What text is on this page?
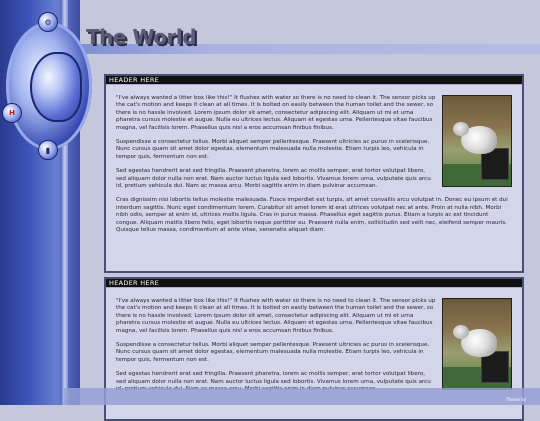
⚙
H
▮
The World
HEADER HERE

"I've always wanted a litter box like this!" It flushes with water so there is no need to clean it. The sensor picks up the cat's motion and keeps it clean at all times. It is bolted on easily between the human toilet and the sewer, so there is no hassle involved. Lorem ipsum dolor sit amet, consectetur adipiscing elit. Aliquam ut mi et urna pharetra cursus molestie et augue. Nulla eu ultrices lectus. Aliquam et egestas urna. Pellentesque vitae faucibus magna, vel facilisis lorem. Phasellus quis nisl a eros accumsan finibus finibus.

Suspendisse a consectetur tellus. Morbi aliquet semper pellentesque. Praesent ultricies ac purus in scelerisque. Nunc cursus quam sit amet dolor egestas, elementum malesuada nulla molestie. Etiam turpis leo, vehicula in tempor quis, fermentum non est.

Sed egestas hendrerit erat sed fringilla. Praesent pharetra, lorem ac mollis semper, erat tortor volutpat libero, sed aliquam dolor nulla non erat. Nam auctor luctus ligula sed lobortis. Vivamus lorem urna, vulputate quis arcu id, pretium vehicula dui. Nam ac massa arcu. Morbi sagittis enim in diam pulvinar accumsan.

Cras dignissim nisi lobortis tellus molestie malesuada. Fusce imperdiet est turpis, sit amet convallis arcu volutpat in. Donec eu ipsum et dui interdum sagittis. Nunc eget condimentum lorem. Curabitur sit amet lorem id erat ultrices volutpat nec at ante. Proin at nulla nibh. Morbi nibh odio, semper at enim id, ultrices mollis ligula. Cras in purus massa. Phasellus eget sagittis purus. Etiam a turpis ac est tincidunt congue. Aliquam mattis libero felis, eget lobortis neque porttitor eu. Praesent nulla enim, sollicitudin sed velit nec, eleifend semper mauris. Quisque tellus massa, condimentum at ante vitae, venenatis aliquet diam.

HEADER HERE

"I've always wanted a litter box like this!" It flushes with water so there is no need to clean it. The sensor picks up the cat's motion and keeps it clean at all times. It is bolted on easily between the human toilet and the sewer, so there is no hassle involved. Lorem ipsum dolor sit amet, consectetur adipiscing elit. Aliquam ut mi et urna pharetra cursus molestie et augue. Nulla eu ultrices lectus. Aliquam et egestas urna. Pellentesque vitae faucibus magna, vel facilisis lorem. Phasellus quis nisl a eros accumsan finibus finibus.

Suspendisse a consectetur tellus. Morbi aliquet semper pellentesque. Praesent ultricies ac purus in scelerisque. Nunc cursus quam sit amet dolor egestas, elementum malesuada nulla molestie. Etiam turpis leo, vehicula in tempor quis, fermentum non est.

Sed egestas hendrerit erat sed fringilla. Praesent pharetra, lorem ac mollis semper, erat tortor volutpat libero, sed aliquam dolor nulla non erat. Nam auctor luctus ligula sed lobortis. Vivamus lorem urna, vulputate quis arcu

Theme by
